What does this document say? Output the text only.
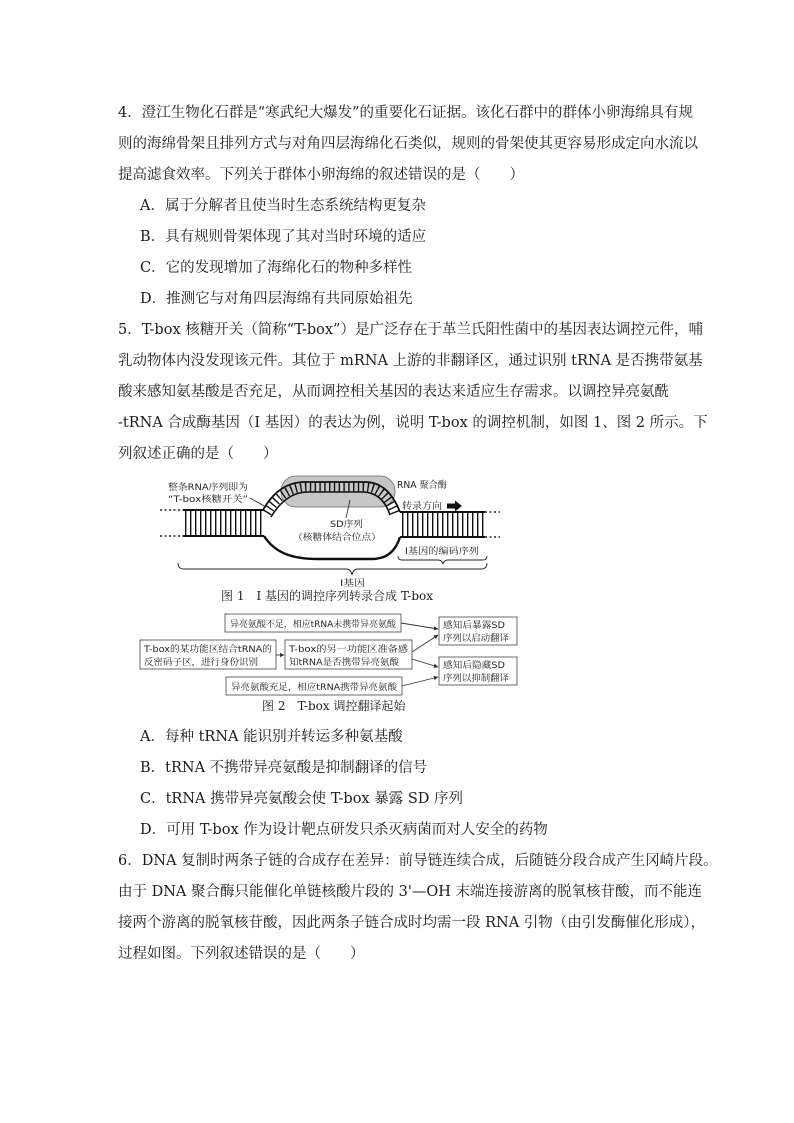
4．澄江生物化石群是“寒武纪大爆发”的重要化石证据。该化石群中的群体小卵海绵具有规
则的海绵骨架且排列方式与对角四层海绵化石类似，规则的骨架使其更容易形成定向水流以
提高滤食效率。下列关于群体小卵海绵的叙述错误的是（　　）
A．属于分解者且使当时生态系统结构更复杂
B．具有规则骨架体现了其对当时环境的适应
C．它的发现增加了海绵化石的物种多样性
D．推测它与对角四层海绵有共同原始祖先
5．T-box 核糖开关（简称“T-box”）是广泛存在于革兰氏阳性菌中的基因表达调控元件，哺
乳动物体内没发现该元件。其位于 mRNA 上游的非翻译区，通过识别 tRNA 是否携带氨基
酸来感知氨基酸是否充足，从而调控相关基因的表达来适应生存需求。以调控异亮氨酰
-tRNA 合成酶基因（I 基因）的表达为例，说明 T-box 的调控机制，如图 1、图 2 所示。下
列叙述正确的是（　　）
整条RNA序列即为
“T-box核糖开关”
RNA 聚合酶
转录方向
SD序列
（核糖体结合位点）
I基因的编码序列
I基因
图 1　I 基因的调控序列转录合成 T-box
异亮氨酸不足，相应tRNA未携带异亮氨酸
T-box的某功能区结合tRNA的
反密码子区，进行身份识别
T-box的另一功能区准备感
知tRNA是否携带异亮氨酸
异亮氨酸充足，相应tRNA携带异亮氨酸
感知后暴露SD
序列以启动翻译
感知后隐藏SD
序列以抑制翻译
图 2　T-box 调控翻译起始
A．每种 tRNA 能识别并转运多种氨基酸
B．tRNA 不携带异亮氨酸是抑制翻译的信号
C．tRNA 携带异亮氨酸会使 T-box 暴露 SD 序列
D．可用 T-box 作为设计靶点研发只杀灭病菌而对人安全的药物
6．DNA 复制时两条子链的合成存在差异：前导链连续合成，后随链分段合成产生冈崎片段。
由于 DNA 聚合酶只能催化单链核酸片段的 3'—OH 末端连接游离的脱氧核苷酸，而不能连
接两个游离的脱氧核苷酸，因此两条子链合成时均需一段 RNA 引物（由引发酶催化形成），
过程如图。下列叙述错误的是（　　）
